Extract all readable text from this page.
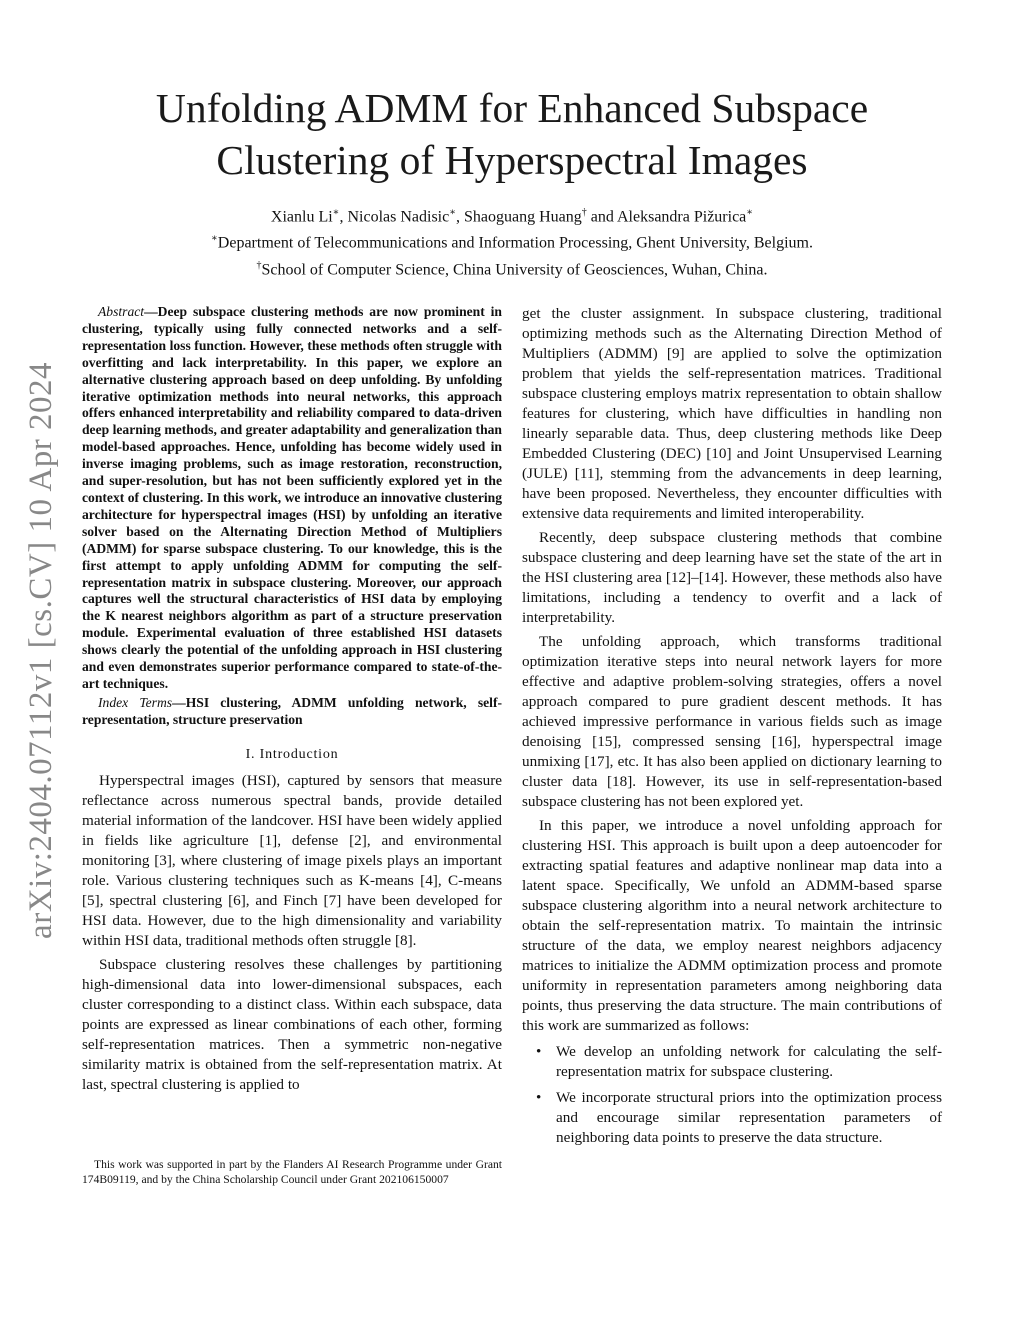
arXiv:2404.07112v1 [cs.CV] 10 Apr 2024
Unfolding ADMM for Enhanced Subspace
Clustering of Hyperspectral Images
Xianlu Li∗, Nicolas Nadisic∗, Shaoguang Huang† and Aleksandra Pižurica∗
∗Department of Telecommunications and Information Processing, Ghent University, Belgium.
†School of Computer Science, China University of Geosciences, Wuhan, China.

Abstract—Deep subspace clustering methods are now prominent in clustering, typically using fully connected networks and a self-representation loss function. However, these methods often struggle with overfitting and lack interpretability. In this paper, we explore an alternative clustering approach based on deep unfolding. By unfolding iterative optimization methods into neural networks, this approach offers enhanced interpretability and reliability compared to data-driven deep learning methods, and greater adaptability and generalization than model-based approaches. Hence, unfolding has become widely used in inverse imaging problems, such as image restoration, reconstruction, and super-resolution, but has not been sufficiently explored yet in the context of clustering. In this work, we introduce an innovative clustering architecture for hyperspectral images (HSI) by unfolding an iterative solver based on the Alternating Direction Method of Multipliers (ADMM) for sparse subspace clustering. To our knowledge, this is the first attempt to apply unfolding ADMM for computing the self-representation matrix in subspace clustering. Moreover, our approach captures well the structural characteristics of HSI data by employing the K nearest neighbors algorithm as part of a structure preservation module. Experimental evaluation of three established HSI datasets shows clearly the potential of the unfolding approach in HSI clustering and even demonstrates superior performance compared to state-of-the-art techniques.

Index Terms—HSI clustering, ADMM unfolding network, self-representation, structure preservation

I. Introduction

Hyperspectral images (HSI), captured by sensors that measure reflectance across numerous spectral bands, provide detailed material information of the landcover. HSI have been widely applied in fields like agriculture [1], defense [2], and environmental monitoring [3], where clustering of image pixels plays an important role. Various clustering techniques such as K-means [4], C-means [5], spectral clustering [6], and Finch [7] have been developed for HSI data. However, due to the high dimensionality and variability within HSI data, traditional methods often struggle [8].

Subspace clustering resolves these challenges by partitioning high-dimensional data into lower-dimensional subspaces, each cluster corresponding to a distinct class. Within each subspace, data points are expressed as linear combinations of each other, forming self-representation matrices. Then a symmetric non-negative similarity matrix is obtained from the self-representation matrix. At last, spectral clustering is applied to

This work was supported in part by the Flanders AI Research Programme under Grant 174B09119, and by the China Scholarship Council under Grant 202106150007

get the cluster assignment. In subspace clustering, traditional optimizing methods such as the Alternating Direction Method of Multipliers (ADMM) [9] are applied to solve the optimization problem that yields the self-representation matrices. Traditional subspace clustering employs matrix representation to obtain shallow features for clustering, which have difficulties in handling non linearly separable data. Thus, deep clustering methods like Deep Embedded Clustering (DEC) [10] and Joint Unsupervised Learning (JULE) [11], stemming from the advancements in deep learning, have been proposed. Nevertheless, they encounter difficulties with extensive data requirements and limited interoperability.

Recently, deep subspace clustering methods that combine subspace clustering and deep learning have set the state of the art in the HSI clustering area [12]–[14]. However, these methods also have limitations, including a tendency to overfit and a lack of interpretability.

The unfolding approach, which transforms traditional optimization iterative steps into neural network layers for more effective and adaptive problem-solving strategies, offers a novel approach compared to pure gradient descent methods. It has achieved impressive performance in various fields such as image denoising [15], compressed sensing [16], hyperspectral image unmixing [17], etc. It has also been applied on dictionary learning to cluster data [18]. However, its use in self-representation-based subspace clustering has not been explored yet.

In this paper, we introduce a novel unfolding approach for clustering HSI. This approach is built upon a deep autoencoder for extracting spatial features and adaptive nonlinear map data into a latent space. Specifically, We unfold an ADMM-based sparse subspace clustering algorithm into a neural network architecture to obtain the self-representation matrix. To maintain the intrinsic structure of the data, we employ nearest neighbors adjacency matrices to initialize the ADMM optimization process and promote uniformity in representation parameters among neighboring data points, thus preserving the data structure. The main contributions of this work are summarized as follows:

• We develop an unfolding network for calculating the self-representation matrix for subspace clustering.
• We incorporate structural priors into the optimization process and encourage similar representation parameters of neighboring data points to preserve the data structure.
